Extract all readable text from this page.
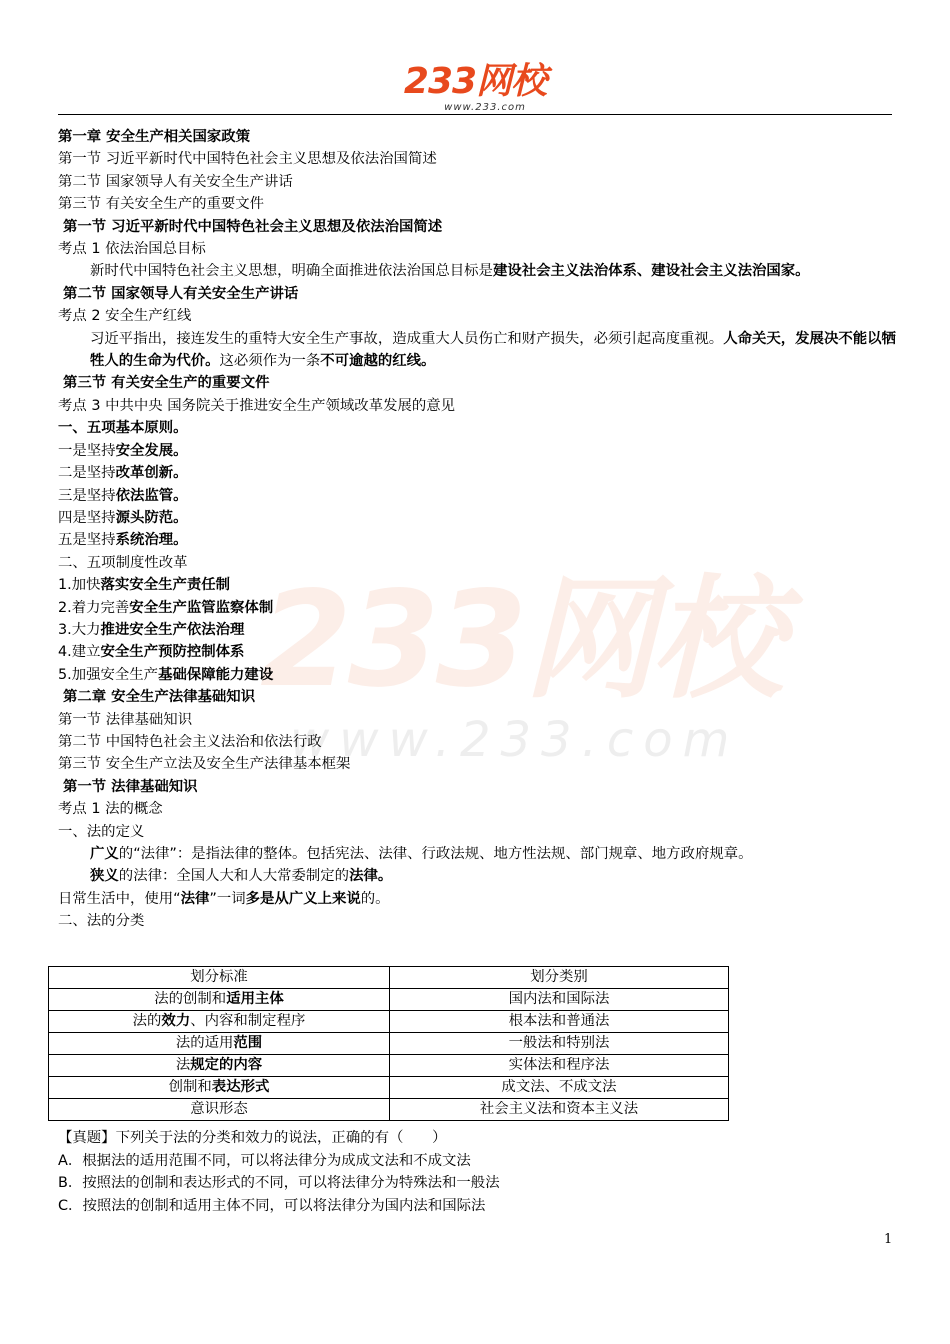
233网校
www.233.com
233网校
www.233.com
第一章 安全生产相关国家政策
第一节 习近平新时代中国特色社会主义思想及依法治国简述
第二节 国家领导人有关安全生产讲话
第三节 有关安全生产的重要文件
第一节 习近平新时代中国特色社会主义思想及依法治国简述
考点 1 依法治国总目标
新时代中国特色社会主义思想，明确全面推进依法治国总目标是建设社会主义法治体系、建设社会主义法治国家。
第二节 国家领导人有关安全生产讲话
考点 2 安全生产红线
习近平指出，接连发生的重特大安全生产事故，造成重大人员伤亡和财产损失，必须引起高度重视。人命关天，发展决不能以牺牲人的生命为代价。这必须作为一条不可逾越的红线。
第三节 有关安全生产的重要文件
考点 3 中共中央 国务院关于推进安全生产领域改革发展的意见
一、五项基本原则。
一是坚持安全发展。
二是坚持改革创新。
三是坚持依法监管。
四是坚持源头防范。
五是坚持系统治理。
二、五项制度性改革
1.加快落实安全生产责任制
2.着力完善安全生产监管监察体制
3.大力推进安全生产依法治理
4.建立安全生产预防控制体系
5.加强安全生产基础保障能力建设
第二章 安全生产法律基础知识
第一节 法律基础知识
第二节 中国特色社会主义法治和依法行政
第三节 安全生产立法及安全生产法律基本框架
第一节 法律基础知识
考点 1 法的概念
一、法的定义
广义的“法律”：是指法律的整体。包括宪法、法律、行政法规、地方性法规、部门规章、地方政府规章。
狭义的法律：全国人大和人大常委制定的法律。
日常生活中，使用“法律”一词多是从广义上来说的。
二、法的分类
划分标准	划分类别
法的创制和适用主体	国内法和国际法
法的效力、内容和制定程序	根本法和普通法
法的适用范围	一般法和特别法
法规定的内容	实体法和程序法
创制和表达形式	成文法、不成文法
意识形态	社会主义法和资本主义法
【真题】下列关于法的分类和效力的说法，正确的有（　　）
A．根据法的适用范围不同，可以将法律分为成成文法和不成文法
B．按照法的创制和表达形式的不同，可以将法律分为特殊法和一般法
C．按照法的创制和适用主体不同，可以将法律分为国内法和国际法
1
